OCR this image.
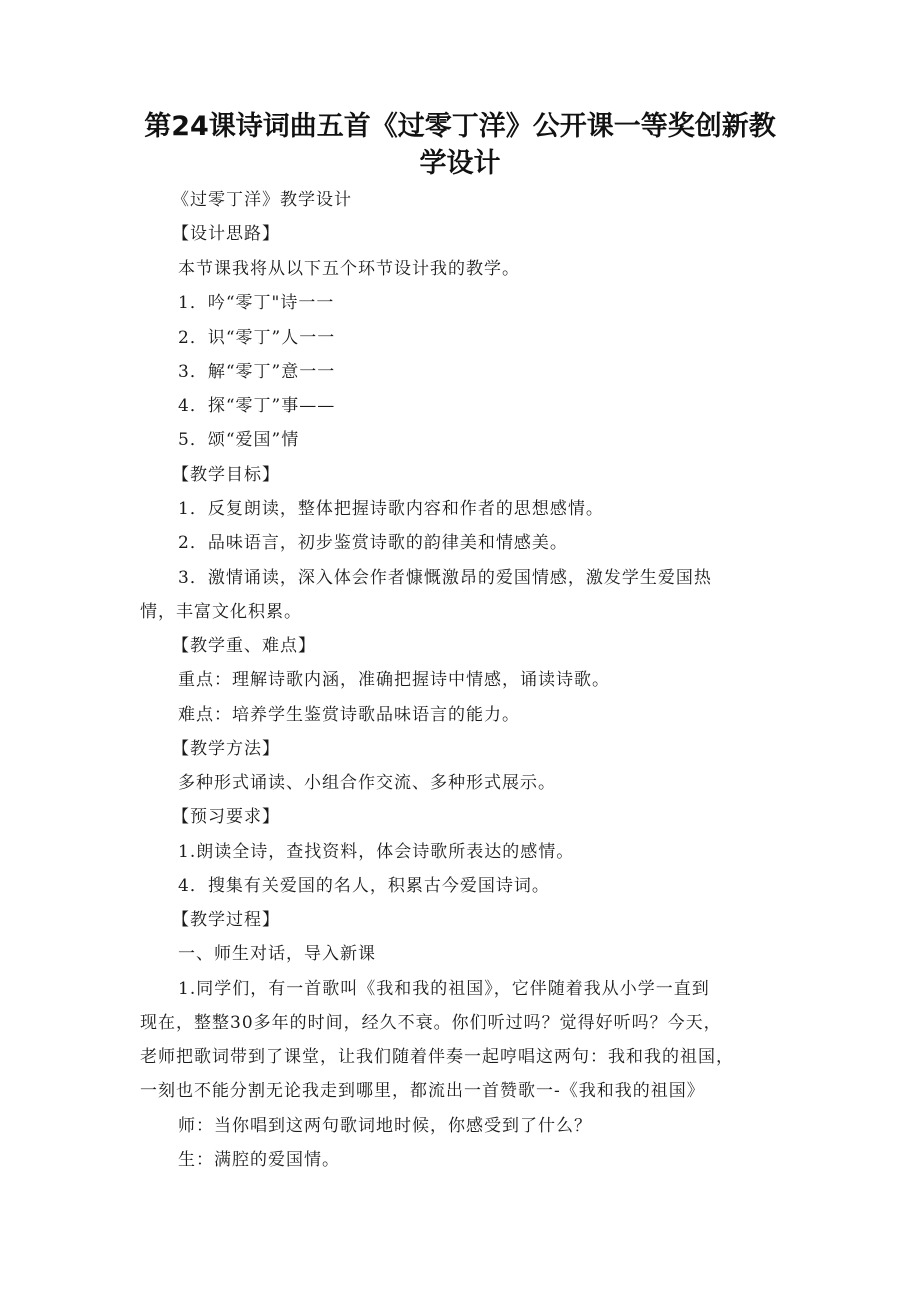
第24课诗词曲五首《过零丁洋》公开课一等奖创新教学设计
《过零丁洋》教学设计
【设计思路】
本节课我将从以下五个环节设计我的教学。
1．吟“零丁"诗一一
2．识“零丁”人一一
3．解“零丁”意一一
4．探“零丁”事——
5．颂“爱国”情
【教学目标】
1．反复朗读，整体把握诗歌内容和作者的思想感情。
2．品味语言，初步鉴赏诗歌的韵律美和情感美。
3．激情诵读，深入体会作者慷慨激昂的爱国情感，激发学生爱国热
情，丰富文化积累。
【教学重、难点】
重点：理解诗歌内涵，准确把握诗中情感，诵读诗歌。
难点：培养学生鉴赏诗歌品味语言的能力。
【教学方法】
多种形式诵读、小组合作交流、多种形式展示。
【预习要求】
1.朗读全诗，查找资料，体会诗歌所表达的感情。
4．搜集有关爱国的名人，积累古今爱国诗词。
【教学过程】
一、师生对话，导入新课
1.同学们，有一首歌叫《我和我的祖国》，它伴随着我从小学一直到
现在，整整30多年的时间，经久不衰。你们听过吗？觉得好听吗？今天，
老师把歌词带到了课堂，让我们随着伴奏一起哼唱这两句：我和我的祖国，
一刻也不能分割无论我走到哪里，都流出一首赞歌一-《我和我的祖国》
师：当你唱到这两句歌词地时候，你感受到了什么？
生：满腔的爱国情。
